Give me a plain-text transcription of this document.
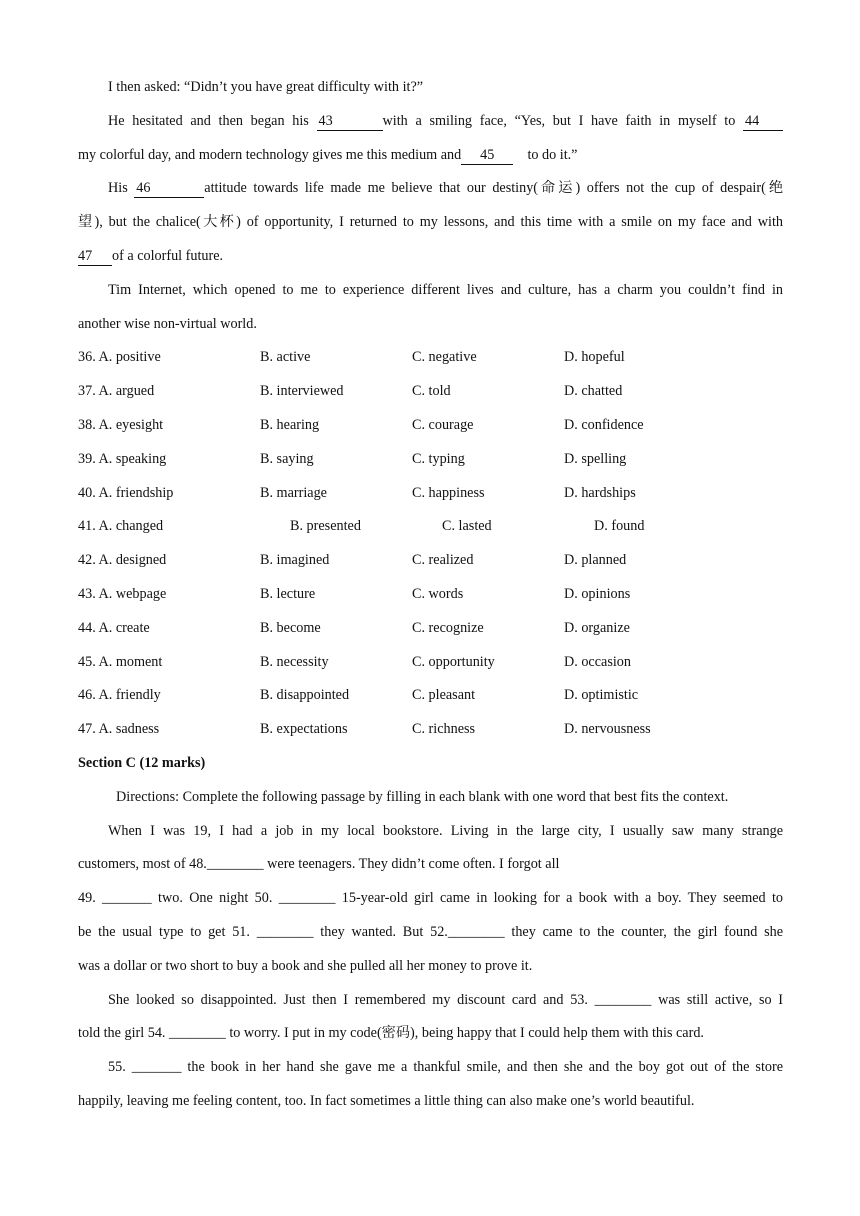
I then asked: “Didn’t you have great difficulty with it?”
He hesitated and then began his 43	with a smiling face, “Yes, but I have faith in myself to 44
my colorful day, and modern technology gives me this medium and 45 to do it.”
His 46	attitude towards life made me believe that our destiny(命运) offers not the cup of despair(绝
望), but the chalice(大杯) of opportunity, I returned to my lessons, and this time with a smile on my face and with
47 of a colorful future.
Tim Internet, which opened to me to experience different lives and culture, has a charm you couldn’t find in
another wise non-virtual world.
36. A. positive	B. active	C. negative	D. hopeful
37. A. argued	B. interviewed	C. told	D. chatted
38. A. eyesight	B. hearing	C. courage	D. confidence
39. A. speaking	B. saying	C. typing	D. spelling
40. A. friendship	B. marriage	C. happiness	D. hardships
41. A. changed	B. presented	C. lasted	D. found
42. A. designed	B. imagined	C. realized	D. planned
43. A. webpage	B. lecture	C. words	D. opinions
44. A. create	B. become	C. recognize	D. organize
45. A. moment	B. necessity	C. opportunity	D. occasion
46. A. friendly	B. disappointed	C. pleasant	D. optimistic
47. A. sadness	B. expectations	C. richness	D. nervousness
Section C (12 marks)
Directions: Complete the following passage by filling in each blank with one word that best fits the context.
When I was 19, I had a job in my local bookstore. Living in the large city, I usually saw many strange
customers, most of 48.________ were teenagers. They didn’t come often. I forgot all
49. _______ two. One night 50. ________ 15-year-old girl came in looking for a book with a boy. They seemed to
be the usual type to get 51. ________ they wanted. But 52.________ they came to the counter, the girl found she
was a dollar or two short to buy a book and she pulled all her money to prove it.
She looked so disappointed. Just then I remembered my discount card and 53. ________ was still active, so I
told the girl 54. ________ to worry. I put in my code(密码), being happy that I could help them with this card.
55. _______ the book in her hand she gave me a thankful smile, and then she and the boy got out of the store
happily, leaving me feeling content, too. In fact sometimes a little thing can also make one’s world beautiful.
